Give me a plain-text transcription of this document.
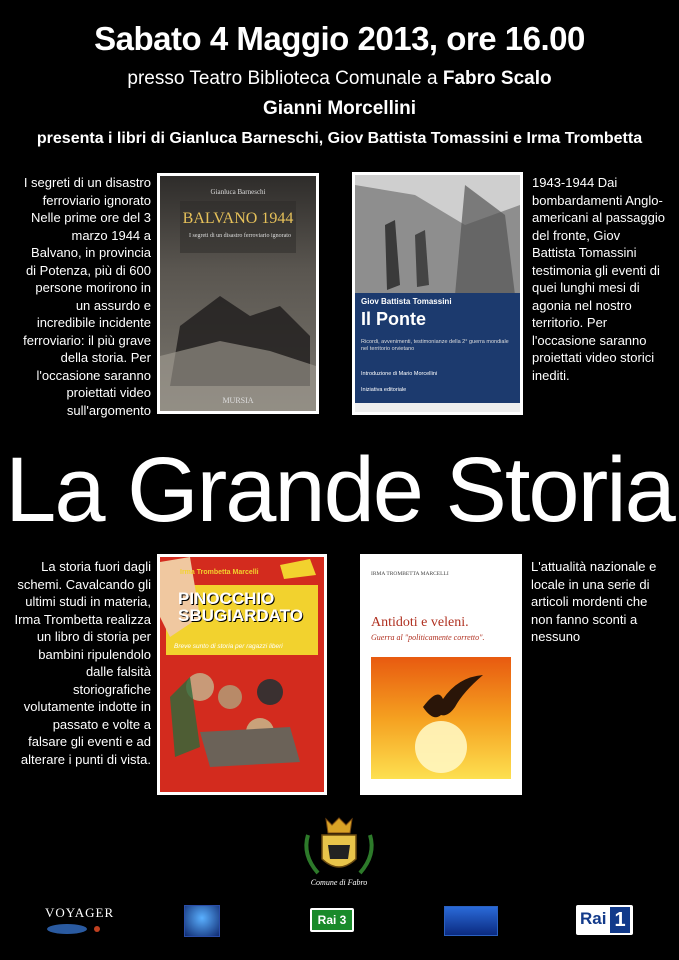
Sabato 4 Maggio 2013, ore 16.00
presso Teatro Biblioteca Comunale a Fabro Scalo
Gianni Morcellini
presenta i libri di Gianluca Barneschi, Giov Battista Tomassini e Irma Trombetta
I segreti di un disastro ferroviario ignorato Nelle prime ore del 3 marzo 1944 a Balvano, in provincia di Potenza, più di 600 persone morirono in un assurdo e incredibile incidente ferroviario: il più grave della storia. Per l'occasione saranno proiettati video sull'argomento
Gianluca Barneschi
BALVANO 1944
I segreti di un disastro ferroviario ignorato
MURSIA
Giov Battista Tomassini
Il Ponte
Ricordi, avvenimenti, testimonianze della 2° guerra mondiale nel territorio orvietano
Introduzione di Mario Morcellini
Iniziativa editoriale
1943-1944 Dai bombardamenti Anglo-americani al passaggio del fronte, Giov Battista Tomassini testimonia gli eventi di quei lunghi mesi di agonia nel nostro territorio. Per l'occasione saranno proiettati video storici inediti.
La Grande Storia
La storia fuori dagli schemi. Cavalcando gli ultimi studi in materia, Irma Trombetta realizza un libro di storia per bambini ripulendolo dalle falsità storiografiche volutamente indotte in passato e volte a falsare gli eventi e ad alterare i punti di vista.
Irma Trombetta Marcelli
PINOCCHIO SBUGIARDATO
Breve sunto di storia per ragazzi liberi
IRMA TROMBETTA MARCELLI
Antidoti e veleni.
Guerra al "politicamente corretto".
L'attualità nazionale e locale in una serie di articoli mordenti che non fanno sconti a nessuno
Comune di Fabro
VOYAGER	Rai 3	Rai 1
